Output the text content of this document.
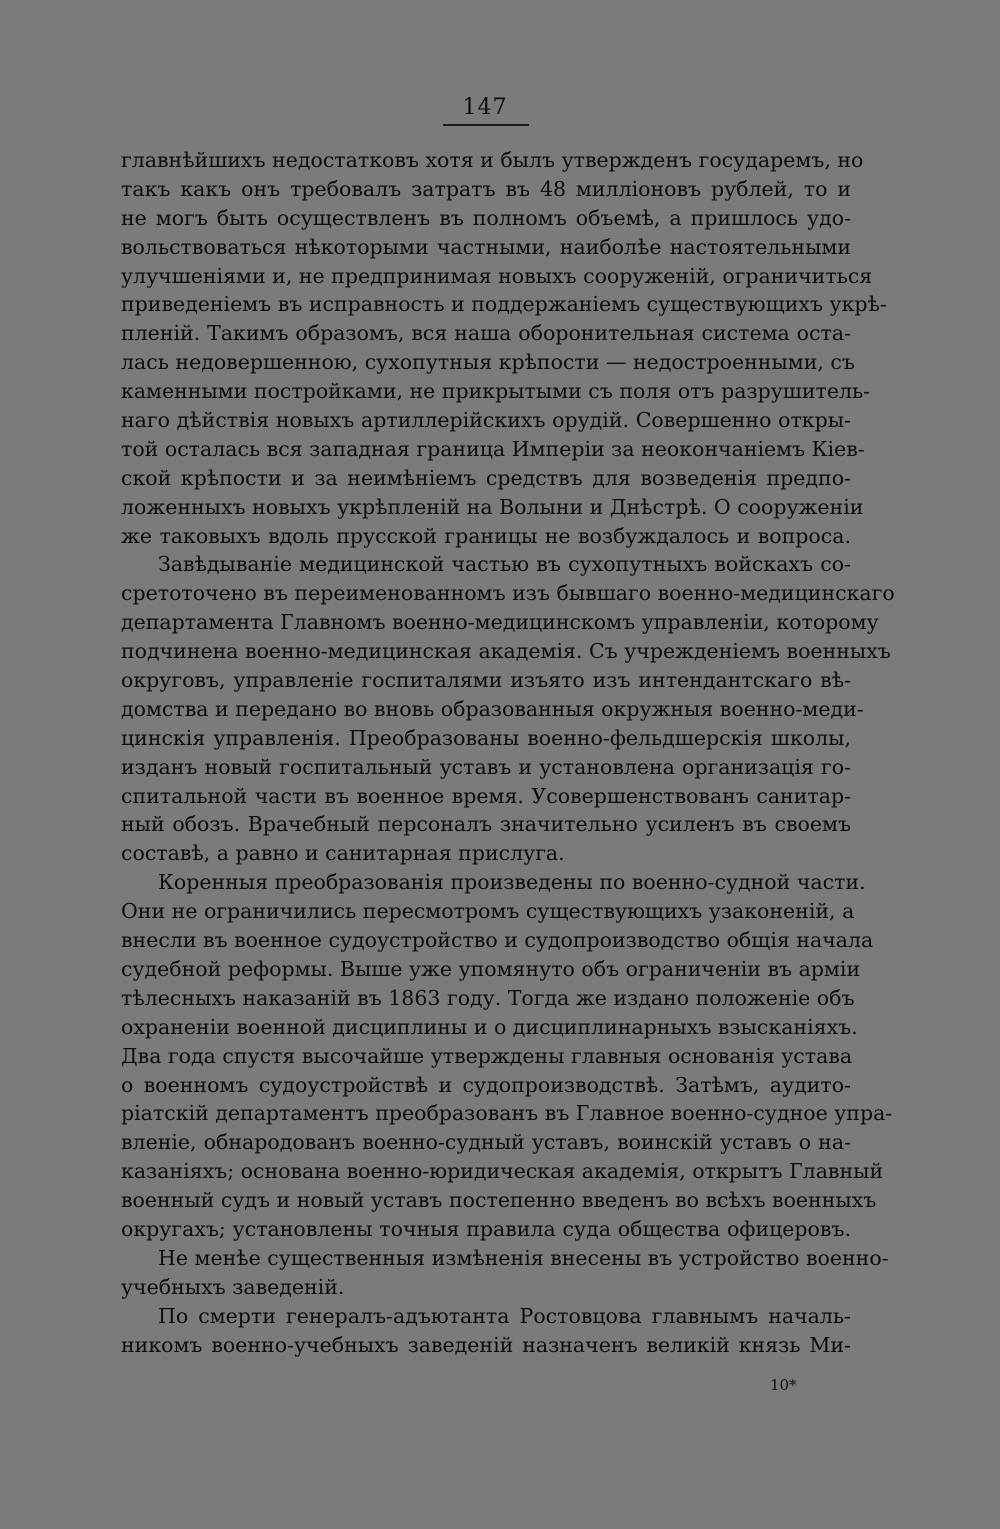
147
главнѣйшихъ недостатковъ хотя и былъ утвержденъ государемъ, но
такъ какъ онъ требовалъ затратъ въ 48 милліоновъ рублей, то и
не могъ быть осуществленъ въ полномъ объемѣ, а пришлось удо-
вольствоваться нѣкоторыми частными, наиболѣе настоятельными
улучшеніями и, не предпринимая новыхъ сооруженій, ограничиться
приведеніемъ въ исправность и поддержаніемъ существующихъ укрѣ-
пленій. Такимъ образомъ, вся наша оборонительная система оста-
лась недовершенною, сухопутныя крѣпости — недостроенными, съ
каменными постройками, не прикрытыми съ поля отъ разрушитель-
наго дѣйствія новыхъ артиллерійскихъ орудій. Совершенно откры-
той осталась вся западная граница Имперіи за неокончаніемъ Кіев-
ской крѣпости и за неимѣніемъ средствъ для возведенія предпо-
ложенныхъ новыхъ укрѣпленій на Волыни и Днѣстрѣ. О сооруженіи
же таковыхъ вдоль прусской границы не возбуждалось и вопроса.
Завѣдываніе медицинской частью въ сухопутныхъ войскахъ со-
сретоточено въ переименованномъ изъ бывшаго военно-медицинскаго
департамента Главномъ военно-медицинскомъ управленіи, которому
подчинена военно-медицинская академія. Съ учрежденіемъ военныхъ
округовъ, управленіе госпиталями изъято изъ интендантскаго вѣ-
домства и передано во вновь образованныя окружныя военно-меди-
цинскія управленія. Преобразованы военно-фельдшерскія школы,
изданъ новый госпитальный уставъ и установлена организація го-
спитальной части въ военное время. Усовершенствованъ санитар-
ный обозъ. Врачебный персоналъ значительно усиленъ въ своемъ
составѣ, а равно и санитарная прислуга.
Коренныя преобразованія произведены по военно-судной части.
Они не ограничились пересмотромъ существующихъ узаконеній, а
внесли въ военное судоустройство и судопроизводство общія начала
судебной реформы. Выше уже упомянуто объ ограниченіи въ арміи
тѣлесныхъ наказаній въ 1863 году. Тогда же издано положеніе объ
охраненіи военной дисциплины и о дисциплинарныхъ взысканіяхъ.
Два года спустя высочайше утверждены главныя основанія устава
о военномъ судоустройствѣ и судопроизводствѣ. Затѣмъ, аудито-
ріатскій департаментъ преобразованъ въ Главное военно-судное упра-
вленіе, обнародованъ военно-судный уставъ, воинскій уставъ о на-
казаніяхъ; основана военно-юридическая академія, открытъ Главный
военный судъ и новый уставъ постепенно введенъ во всѣхъ военныхъ
округахъ; установлены точныя правила суда общества офицеровъ.
Не менѣе существенныя измѣненія внесены въ устройство военно-
учебныхъ заведеній.
По смерти генералъ-адъютанта Ростовцова главнымъ началь-
никомъ военно-учебныхъ заведеній назначенъ великій князь Ми-
10*
